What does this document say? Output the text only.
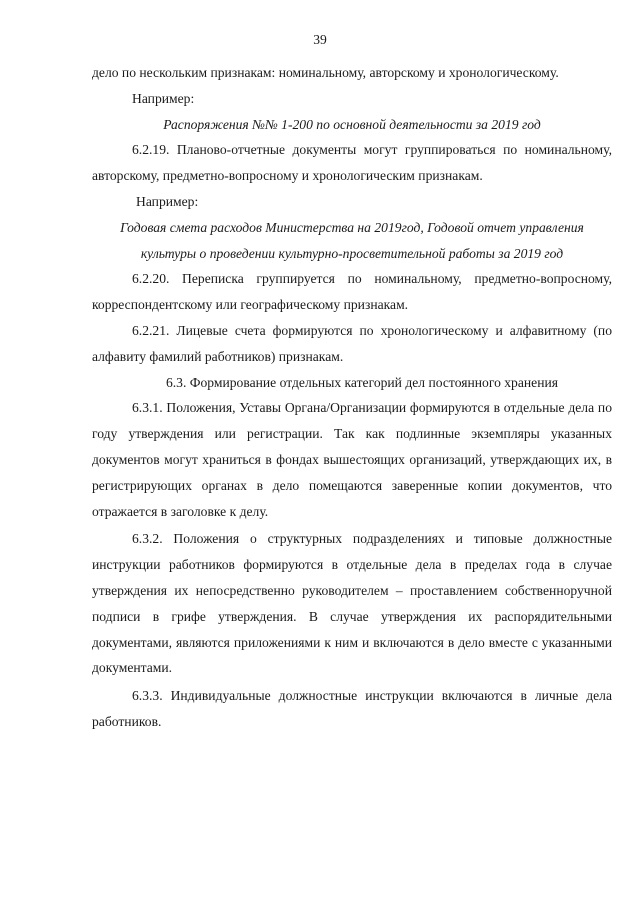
39

дело по нескольким признакам: номинальному, авторскому и хронологическому.

Например:

Распоряжения №№ 1-200 по основной деятельности за 2019 год

6.2.19. Планово-отчетные документы могут группироваться по номинальному, авторскому, предметно-вопросному и хронологическим признакам.

Например:

Годовая смета расходов Министерства на 2019год, Годовой отчет управления культуры о проведении культурно-просветительной работы за 2019 год

6.2.20. Переписка группируется по номинальному, предметно-вопросному, корреспондентскому или географическому признакам.

6.2.21. Лицевые счета формируются по хронологическому и алфавитному (по алфавиту фамилий работников) признакам.

6.3. Формирование отдельных категорий дел постоянного хранения

6.3.1. Положения, Уставы Органа/Организации формируются в отдельные дела по году утверждения или регистрации. Так как подлинные экземпляры указанных документов могут храниться в фондах вышестоящих организаций, утверждающих их, в регистрирующих органах в дело помещаются заверенные копии документов, что отражается в заголовке к делу.

6.3.2. Положения о структурных подразделениях и типовые должностные инструкции работников формируются в отдельные дела в пределах года в случае утверждения их непосредственно руководителем – проставлением собственноручной подписи в грифе утверждения. В случае утверждения их распорядительными документами, являются приложениями к ним и включаются в дело вместе с указанными документами.

6.3.3. Индивидуальные должностные инструкции включаются в личные дела работников.
